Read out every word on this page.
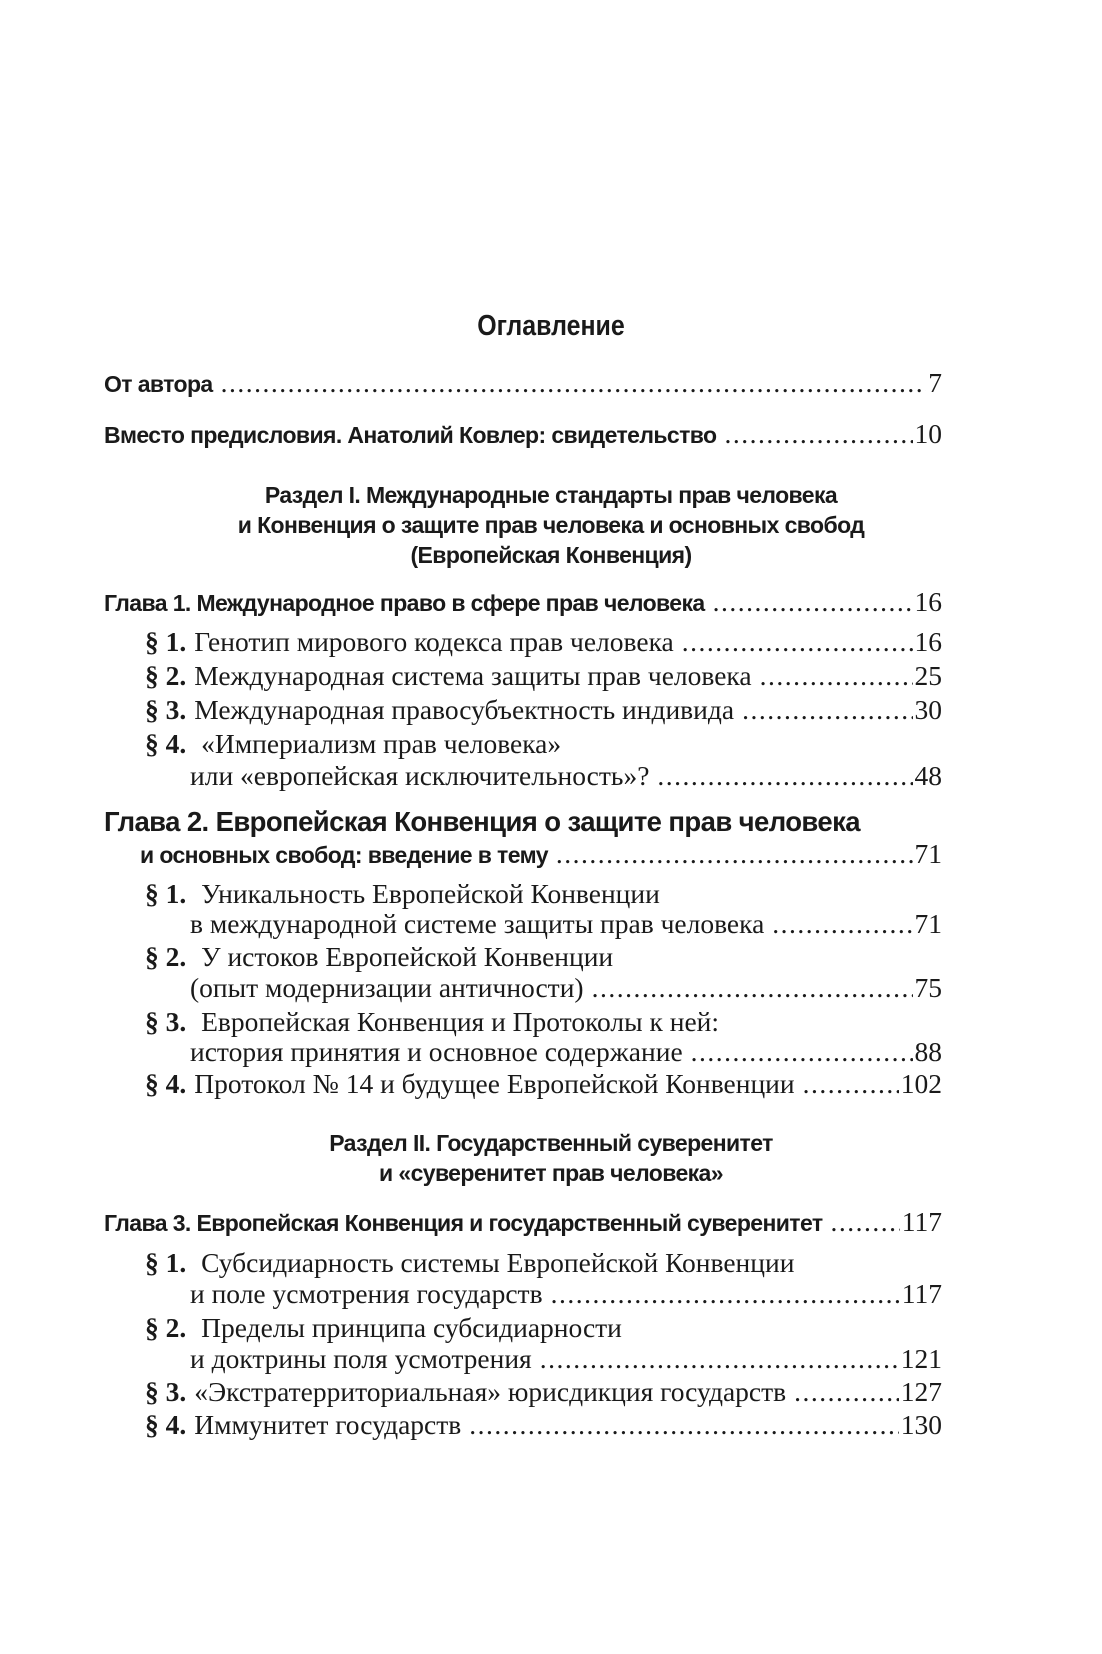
Оглавление
От автора .....	7
Вместо предисловия. Анатолий Ковлер: свидетельство .....	10
Раздел I. Международные стандарты прав человека
и Конвенция о защите прав человека и основных свобод
(Европейская Конвенция)
Глава 1. Международное право в сфере прав человека .....	16
§ 1. Генотип мирового кодекса прав человека .....	16
§ 2. Международная система защиты прав человека .....	25
§ 3. Международная правосубъектность индивида .....	30
§ 4. «Империализм прав человека»
или «европейская исключительность»? .....	48
Глава 2. Европейская Конвенция о защите прав человека
и основных свобод: введение в тему .....	71
§ 1. Уникальность Европейской Конвенции
в международной системе защиты прав человека .....	71
§ 2. У истоков Европейской Конвенции
(опыт модернизации античности) .....	75
§ 3. Европейская Конвенция и Протоколы к ней:
история принятия и основное содержание .....	88
§ 4. Протокол № 14 и будущее Европейской Конвенции .....	102
Раздел II. Государственный суверенитет
и «суверенитет прав человека»
Глава 3. Европейская Конвенция и государственный суверенитет .....	117
§ 1. Субсидиарность системы Европейской Конвенции
и поле усмотрения государств .....	117
§ 2. Пределы принципа субсидиарности
и доктрины поля усмотрения .....	121
§ 3. «Экстратерриториальная» юрисдикция государств .....	127
§ 4. Иммунитет государств .....	130
